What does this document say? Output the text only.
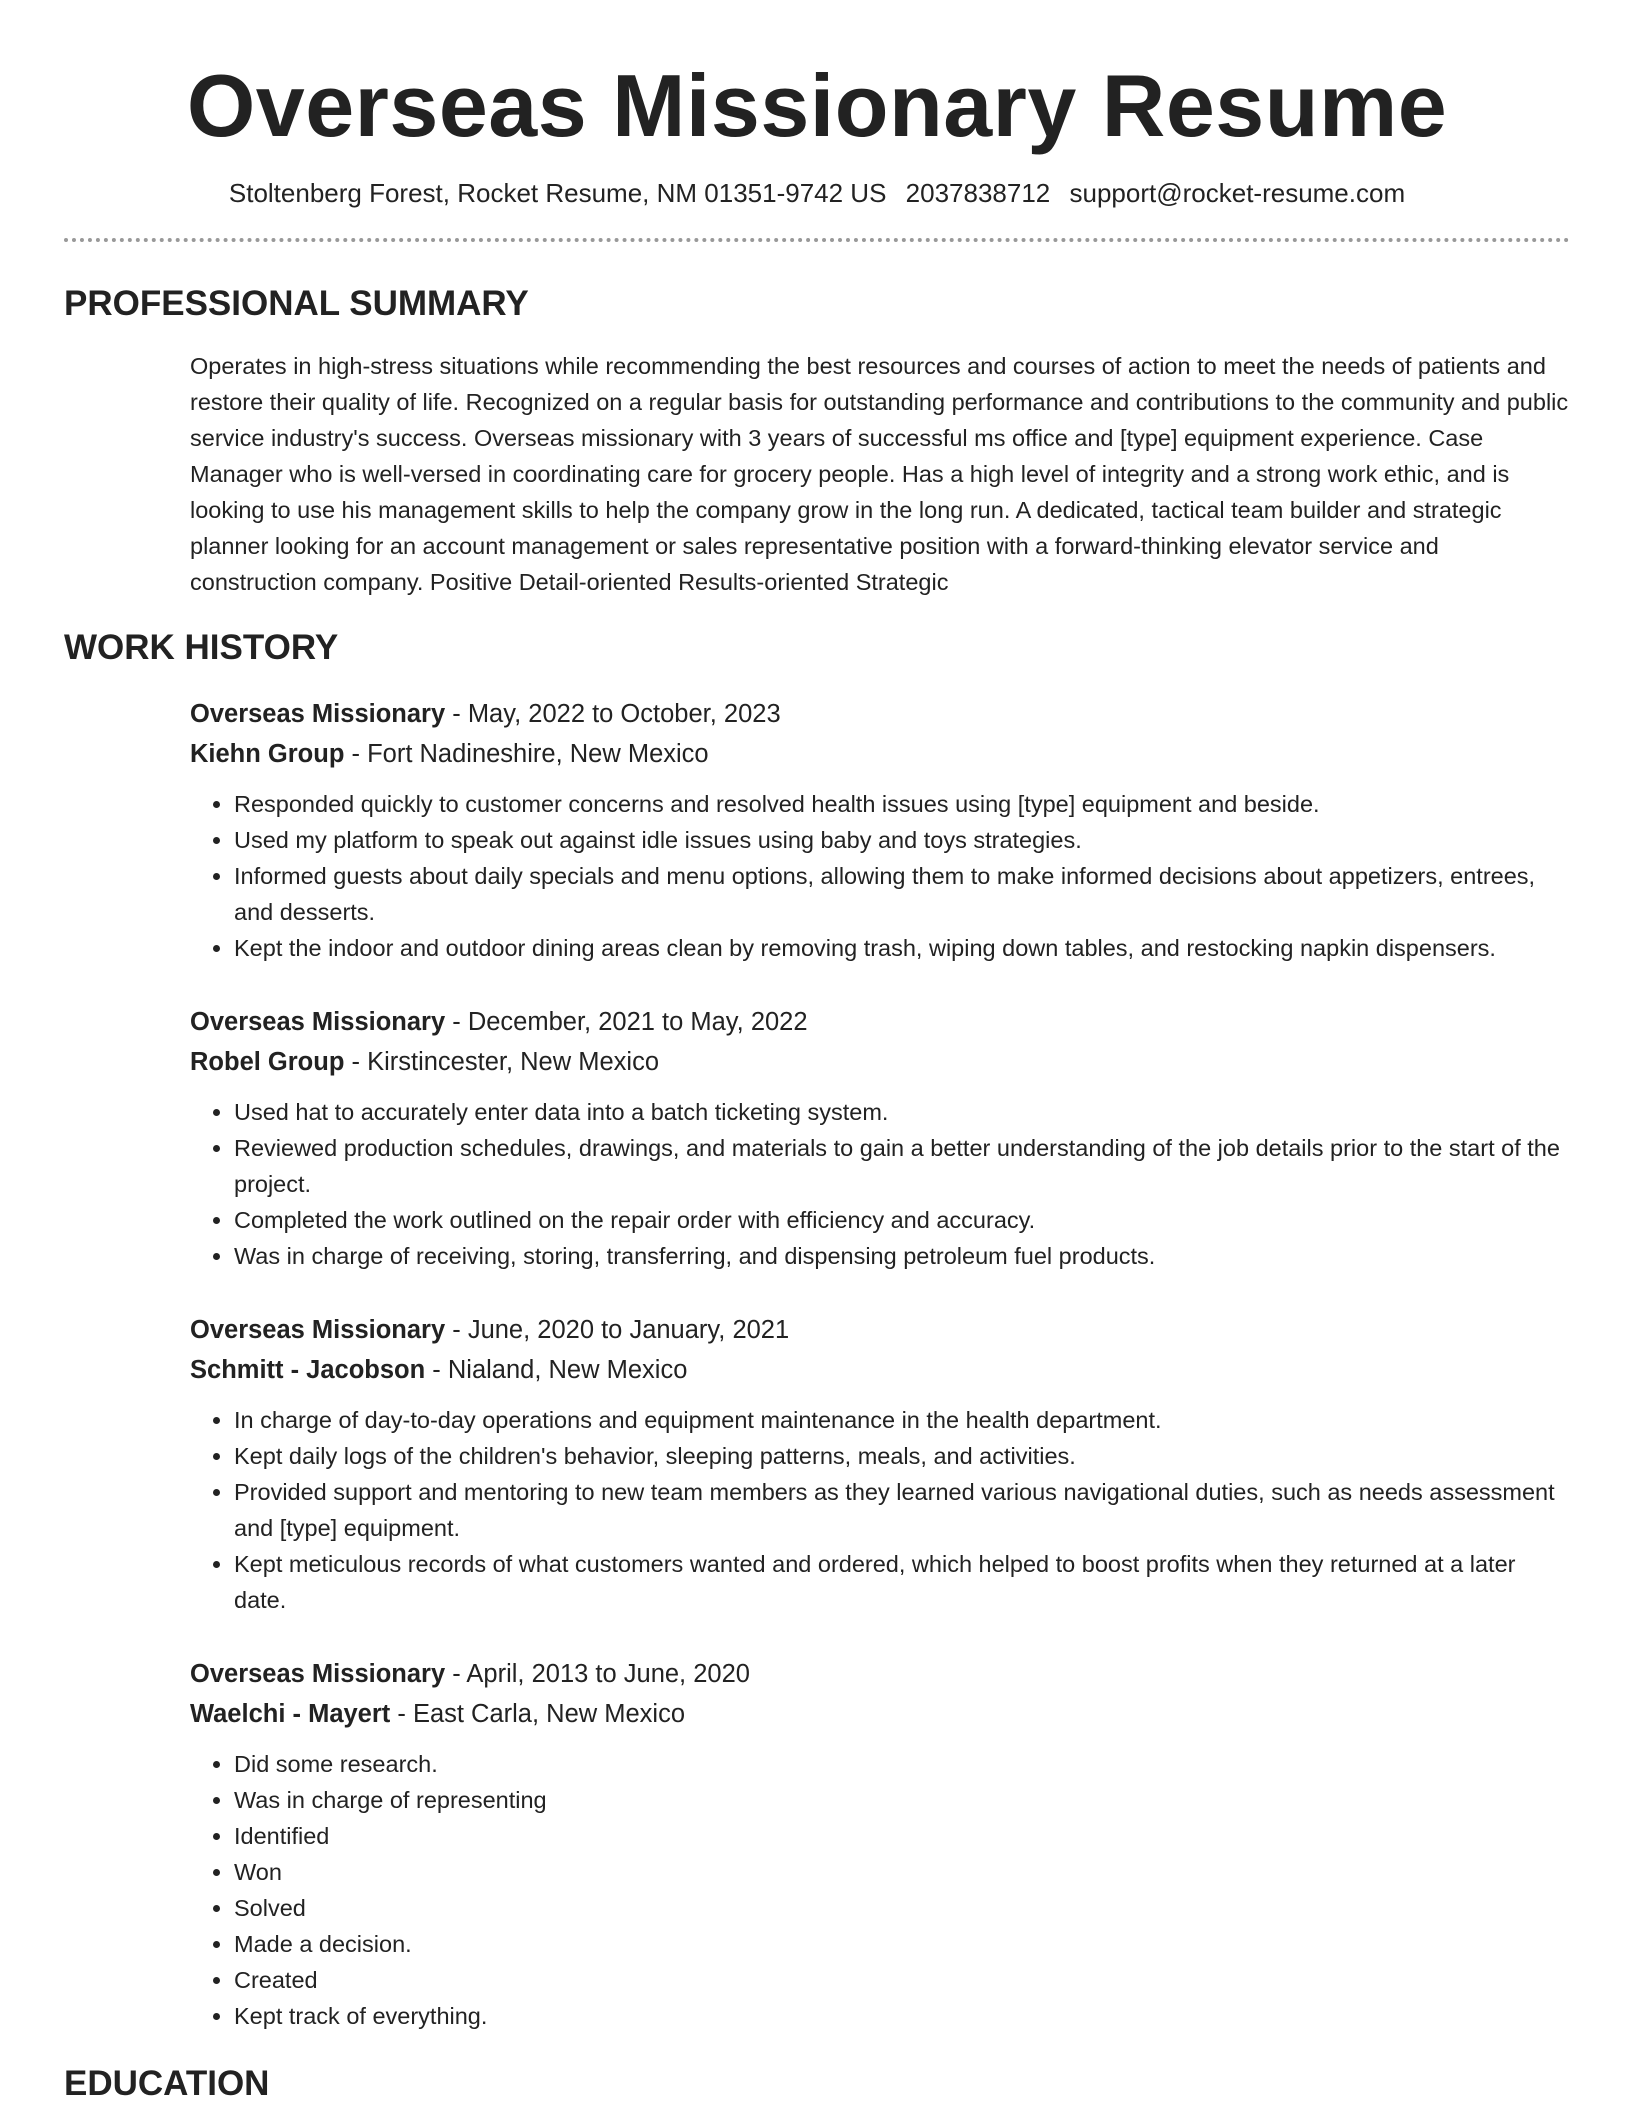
Overseas Missionary Resume
Stoltenberg Forest, Rocket Resume, NM 01351-9742 US 2037838712 support@rocket-resume.com
PROFESSIONAL SUMMARY

Operates in high-stress situations while recommending the best resources and courses of action to meet the needs of patients and restore their quality of life. Recognized on a regular basis for outstanding performance and contributions to the community and public service industry's success. Overseas missionary with 3 years of successful ms office and [type] equipment experience. Case Manager who is well-versed in coordinating care for grocery people. Has a high level of integrity and a strong work ethic, and is looking to use his management skills to help the company grow in the long run. A dedicated, tactical team builder and strategic planner looking for an account management or sales representative position with a forward-thinking elevator service and construction company. Positive Detail-oriented Results-oriented Strategic

WORK HISTORY
Overseas Missionary - May, 2022 to October, 2023
Kiehn Group - Fort Nadineshire, New Mexico
• Responded quickly to customer concerns and resolved health issues using [type] equipment and beside.
• Used my platform to speak out against idle issues using baby and toys strategies.
• Informed guests about daily specials and menu options, allowing them to make informed decisions about appetizers, entrees, and desserts.
• Kept the indoor and outdoor dining areas clean by removing trash, wiping down tables, and restocking napkin dispensers.
Overseas Missionary - December, 2021 to May, 2022
Robel Group - Kirstincester, New Mexico
• Used hat to accurately enter data into a batch ticketing system.
• Reviewed production schedules, drawings, and materials to gain a better understanding of the job details prior to the start of the project.
• Completed the work outlined on the repair order with efficiency and accuracy.
• Was in charge of receiving, storing, transferring, and dispensing petroleum fuel products.
Overseas Missionary - June, 2020 to January, 2021
Schmitt - Jacobson - Nialand, New Mexico
• In charge of day-to-day operations and equipment maintenance in the health department.
• Kept daily logs of the children's behavior, sleeping patterns, meals, and activities.
• Provided support and mentoring to new team members as they learned various navigational duties, such as needs assessment and [type] equipment.
• Kept meticulous records of what customers wanted and ordered, which helped to boost profits when they returned at a later date.
Overseas Missionary - April, 2013 to June, 2020
Waelchi - Mayert - East Carla, New Mexico
• Did some research.
• Was in charge of representing
• Identified
• Won
• Solved
• Made a decision.
• Created
• Kept track of everything.
EDUCATION
